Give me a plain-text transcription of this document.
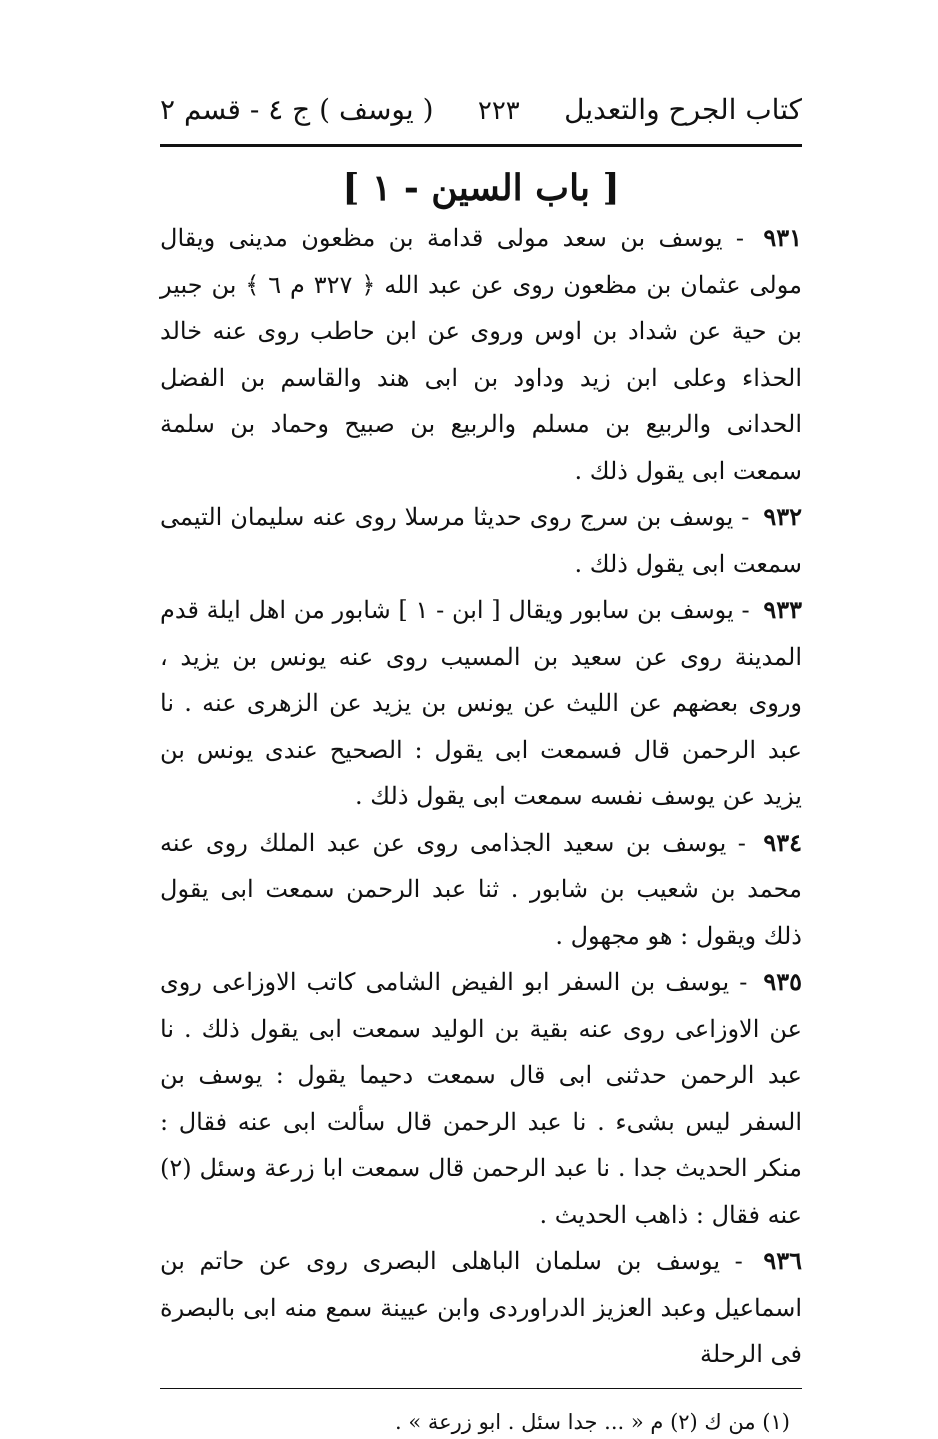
كتاب الجرح والتعديل
٢٢٣
( يوسف ) ج ٤ - قسم ٢
[ باب السين - ١ ]

٩٣١ - يوسف بن سعد مولى قدامة بن مظعون مدينى ويقال مولى عثمان بن مظعون روى عن عبد الله ﴿ ٣٢٧ م ٦ ﴾ بن جبير بن حية عن شداد بن اوس وروى عن ابن حاطب روى عنه خالد الحذاء وعلى ابن زيد وداود بن ابى هند والقاسم بن الفضل الحدانى والربيع بن مسلم والربيع بن صبيح وحماد بن سلمة سمعت ابى يقول ذلك .

٩٣٢ - يوسف بن سرج روى حديثا مرسلا روى عنه سليمان التيمى سمعت ابى يقول ذلك .

٩٣٣ - يوسف بن سابور ويقال [ ابن - ١ ] شابور من اهل ايلة قدم المدينة روى عن سعيد بن المسيب روى عنه يونس بن يزيد ، وروى بعضهم عن الليث عن يونس بن يزيد عن الزهرى عنه . نا عبد الرحمن قال فسمعت ابى يقول : الصحيح عندى يونس بن يزيد عن يوسف نفسه سمعت ابى يقول ذلك .

٩٣٤ - يوسف بن سعيد الجذامى روى عن عبد الملك روى عنه محمد بن شعيب بن شابور . ثنا عبد الرحمن سمعت ابى يقول ذلك ويقول : هو مجهول .

٩٣٥ - يوسف بن السفر ابو الفيض الشامى كاتب الاوزاعى روى عن الاوزاعى روى عنه بقية بن الوليد سمعت ابى يقول ذلك . نا عبد الرحمن حدثنى ابى قال سمعت دحيما يقول : يوسف بن السفر ليس بشىء . نا عبد الرحمن قال سألت ابى عنه فقال : منكر الحديث جدا . نا عبد الرحمن قال سمعت ابا زرعة وسئل (٢) عنه فقال : ذاهب الحديث .

٩٣٦ - يوسف بن سلمان الباهلى البصرى روى عن حاتم بن اسماعيل وعبد العزيز الدراوردى وابن عيينة سمع منه ابى بالبصرة فى الرحلة

(١) من ك (٢) م « ... جدا سئل . ابو زرعة » .
